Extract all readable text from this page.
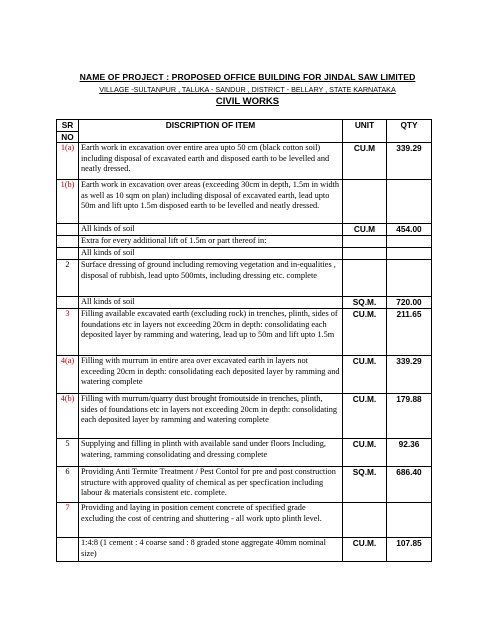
NAME OF PROJECT : PROPOSED OFFICE BUILDING FOR JINDAL SAW LIMITED
VILLAGE -SULTANPUR , TALUKA - SANDUR , DISTRICT - BELLARY , STATE KARNATAKA
CIVIL WORKS
SR	DISCRIPTION OF ITEM	UNIT	QTY
NO			
1(a)	Earth work in excavation over entire area upto 50 cm (black cotton soil) including disposal of excavated earth and disposed earth to be levelled and neatly dressed.	CU.M	339.29
1(b)	Earth work in excavation over areas (exceeding 30cm in depth, 1.5m in width as well as 10 sqm on plan) including disposal of excavated earth, lead upto 50m and lift upto 1.5m disposed earth to be levelled and neatly dressed.		
	All kinds of soil	CU.M	454.00
	Extra for every additional lift of 1.5m or part thereof in:		
	All kinds of soil		
2	Surface dressing of ground including removing vegetation and in-equalities , disposal of rubbish, lead upto 500mts, including dressing etc. complete		
	All kinds of soil	SQ.M.	720.00
3	Filling available excavated earth (excluding rock) in trenches, plinth, sides of foundations etc in layers not exceeding 20cm in depth: consolidating each deposited layer by ramming and watering, lead up to 50m and lift upto 1.5m	CU.M.	211.65
4(a)	Filling with murrum in entire area over excavated earth in layers not exceeding 20cm in depth: consolidating each deposited layer by ramming and watering complete	CU.M.	339.29
4(b)	Filling with murrum/quarry dust brought fromoutside in trenches, plinth, sides of foundations etc in layers not exceeding 20cm in depth: consolidating each deposited layer by ramming and watering complete	CU.M.	179.88
5	Supplying and filling in plinth with available sand under floors Including, watering, ramming consolidating and dressing complete	CU.M.	92.36
6	Providing Anti Termite Treatment / Pest Contol for pre and post construction structure with approved quality of chemical as per specfication including labour & materials consistent etc. complete.	SQ.M.	686.40
7	Providing and laying in position cement concrete of specified grade excluding the cost of centring and shuttering - all work upto plinth level.		
	1:4:8 (1 cement : 4 coarse sand : 8 graded stone aggregate 40mm nominal size)	CU.M.	107.85
